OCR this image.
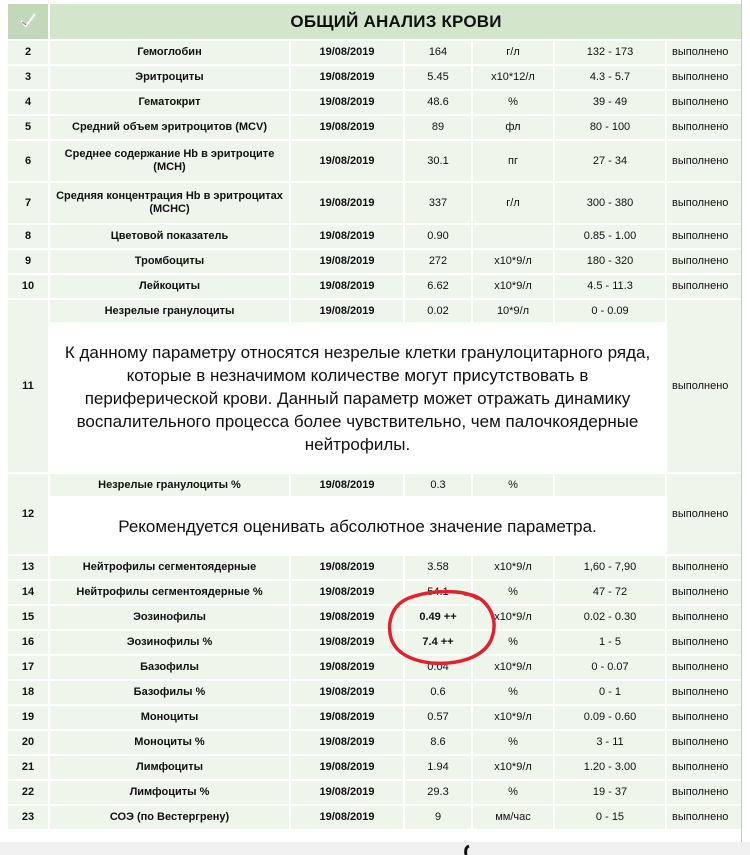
	ОБЩИЙ АНАЛИЗ КРОВИ					
2	Гемоглобин	19/08/2019	164	г/л	132 - 173	выполнено
3	Эритроциты	19/08/2019	5.45	x10*12/л	4.3 - 5.7	выполнено
4	Гематокрит	19/08/2019	48.6	%	39 - 49	выполнено
5	Средний объем эритроцитов (MCV)	19/08/2019	89	фл	80 - 100	выполнено
6	Среднее содержание Hb в эритроците (MCH)	19/08/2019	30.1	пг	27 - 34	выполнено
7	Средняя концентрация Hb в эритроцитах (MCHC)	19/08/2019	337	г/л	300 - 380	выполнено
8	Цветовой показатель	19/08/2019	0.90		0.85 - 1.00	выполнено
9	Тромбоциты	19/08/2019	272	x10*9/л	180 - 320	выполнено
10	Лейкоциты	19/08/2019	6.62	x10*9/л	4.5 - 11.3	выполнено
11	Незрелые гранулоциты	19/08/2019	0.02	10*9/л	0 - 0.09	выполнено
	К данному параметру относятся незрелые клетки гранулоцитарного ряда, которые в незначимом количестве могут присутствовать в периферической крови. Данный параметр может отражать динамику воспалительного процесса более чувствительно, чем палочкоядерные нейтрофилы.					
12	Незрелые гранулоциты %	19/08/2019	0.3	%		выполнено
	Рекомендуется оценивать абсолютное значение параметра.					
13	Нейтрофилы сегментоядерные	19/08/2019	3.58	x10*9/л	1,60 - 7,90	выполнено
14	Нейтрофилы сегментоядерные %	19/08/2019	54.1	%	47 - 72	выполнено
15	Эозинофилы	19/08/2019	0.49 ++	x10*9/л	0.02 - 0.30	выполнено
16	Эозинофилы %	19/08/2019	7.4 ++	%	1 - 5	выполнено
17	Базофилы	19/08/2019	0.04	x10*9/л	0 - 0.07	выполнено
18	Базофилы %	19/08/2019	0.6	%	0 - 1	выполнено
19	Моноциты	19/08/2019	0.57	x10*9/л	0.09 - 0.60	выполнено
20	Моноциты %	19/08/2019	8.6	%	3 - 11	выполнено
21	Лимфоциты	19/08/2019	1.94	x10*9/л	1.20 - 3.00	выполнено
22	Лимфоциты %	19/08/2019	29.3	%	19 - 37	выполнено
23	СОЭ (по Вестергрену)	19/08/2019	9	мм/час	0 - 15	выполнено
